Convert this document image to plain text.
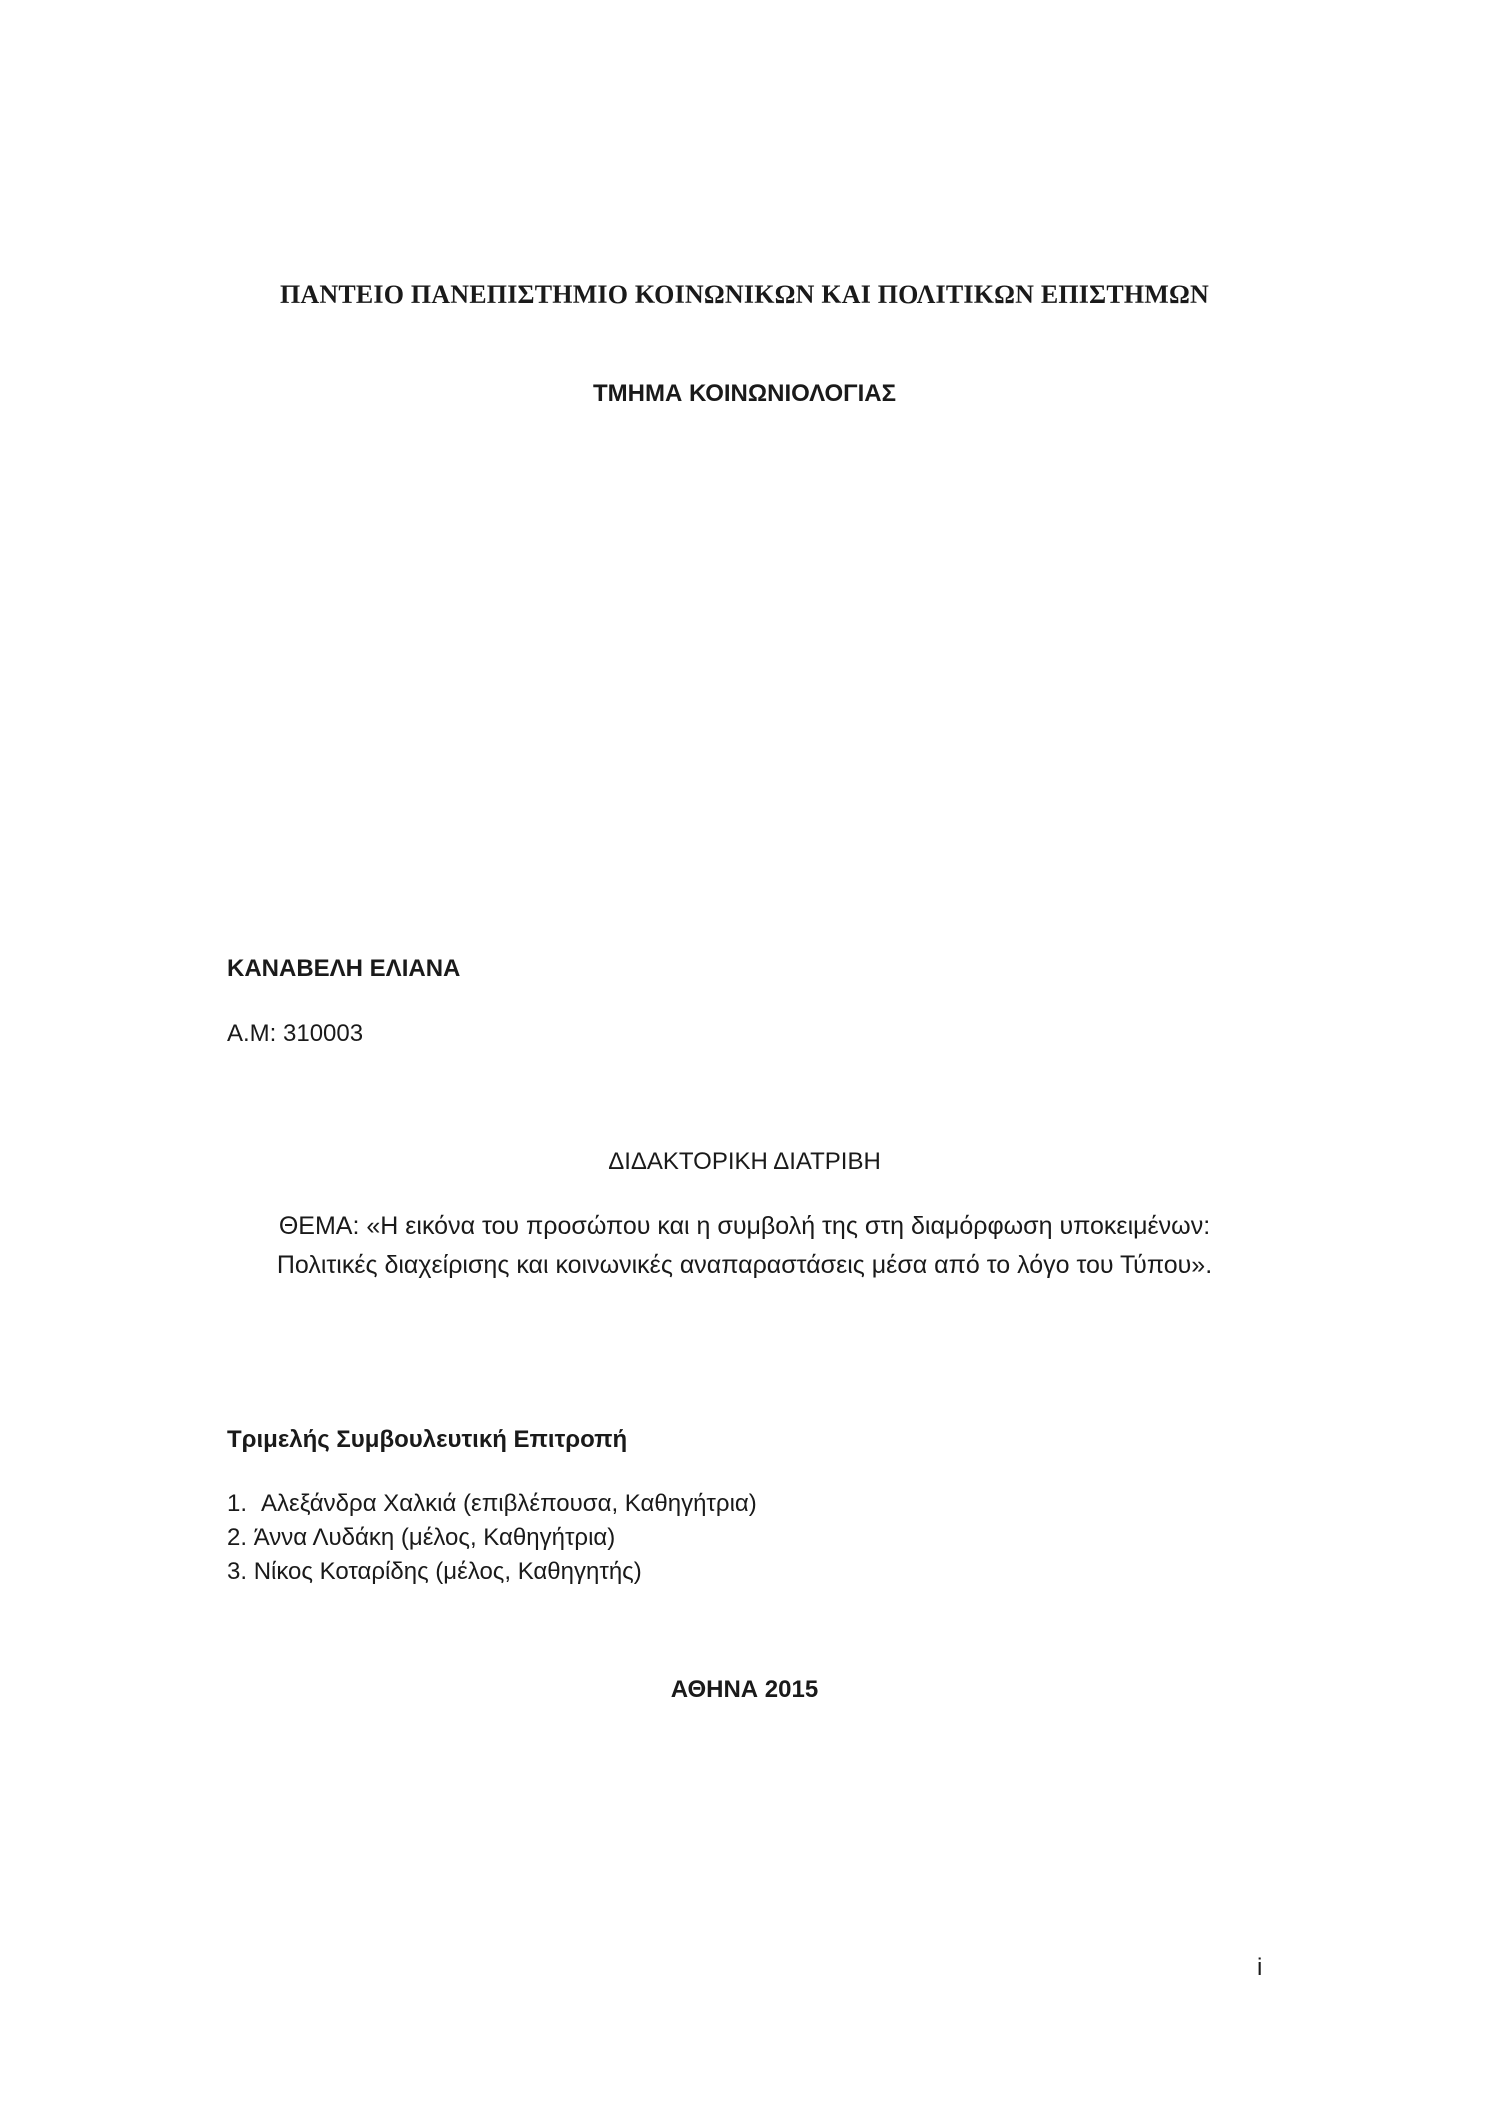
ΠΑΝΤΕΙΟ ΠΑΝΕΠΙΣΤΗΜΙΟ ΚΟΙΝΩΝΙΚΩΝ ΚΑΙ ΠΟΛΙΤΙΚΩΝ ΕΠΙΣΤΗΜΩΝ
ΤΜΗΜΑ ΚΟΙΝΩΝΙΟΛΟΓΙΑΣ
ΚΑΝΑΒΕΛΗ ΕΛΙΑΝΑ
Α.Μ: 310003
ΔΙΔΑΚΤΟΡΙΚΗ ΔΙΑΤΡΙΒΗ
ΘΕΜΑ: «Η εικόνα του προσώπου και η συμβολή της στη διαμόρφωση υποκειμένων:
Πολιτικές διαχείρισης και κοινωνικές αναπαραστάσεις μέσα από το λόγο του Τύπου».
Τριμελής Συμβουλευτική Επιτροπή
1. Αλεξάνδρα Χαλκιά (επιβλέπουσα, Καθηγήτρια)
2. Άννα Λυδάκη (μέλος, Καθηγήτρια)
3. Νίκος Κοταρίδης (μέλος, Καθηγητής)
ΑΘΗΝΑ 2015
i
